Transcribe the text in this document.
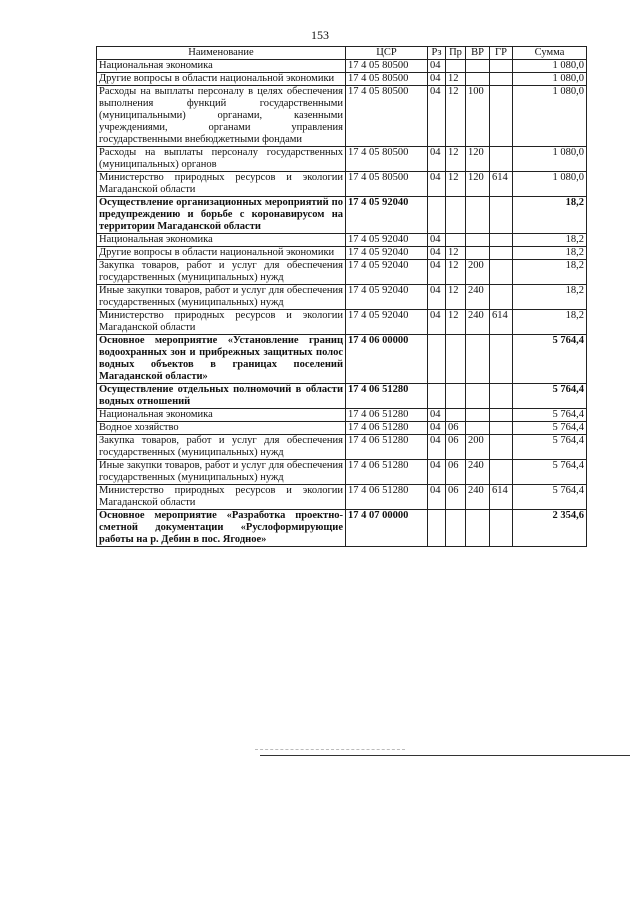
153
Наименование	ЦСР	Рз	Пр	ВР	ГР	Сумма
Национальная экономика	17 4 05 80500	04				1 080,0
Другие вопросы в области национальной экономики	17 4 05 80500	04	12			1 080,0
Расходы на выплаты персоналу в целях обеспечения выполнения функций государственными (муниципальными) органами, казенными учреждениями, органами управления государственными внебюджетными фондами	17 4 05 80500	04	12	100		1 080,0
Расходы на выплаты персоналу государственных (муниципальных) органов	17 4 05 80500	04	12	120		1 080,0
Министерство природных ресурсов и экологии Магаданской области	17 4 05 80500	04	12	120	614	1 080,0
Осуществление организационных мероприятий по предупреждению и борьбе с коронавирусом на территории Магаданской области	17 4 05 92040					18,2
Национальная экономика	17 4 05 92040	04				18,2
Другие вопросы в области национальной экономики	17 4 05 92040	04	12			18,2
Закупка товаров, работ и услуг для обеспечения государственных (муниципальных) нужд	17 4 05 92040	04	12	200		18,2
Иные закупки товаров, работ и услуг для обеспечения государственных (муниципальных) нужд	17 4 05 92040	04	12	240		18,2
Министерство природных ресурсов и экологии Магаданской области	17 4 05 92040	04	12	240	614	18,2
Основное мероприятие «Установление границ водоохранных зон и прибрежных защитных полос водных объектов в границах поселений Магаданской области»	17 4 06 00000					5 764,4
Осуществление отдельных полномочий в области водных отношений	17 4 06 51280					5 764,4
Национальная экономика	17 4 06 51280	04				5 764,4
Водное хозяйство	17 4 06 51280	04	06			5 764,4
Закупка товаров, работ и услуг для обеспечения государственных (муниципальных) нужд	17 4 06 51280	04	06	200		5 764,4
Иные закупки товаров, работ и услуг для обеспечения государственных (муниципальных) нужд	17 4 06 51280	04	06	240		5 764,4
Министерство природных ресурсов и экологии Магаданской области	17 4 06 51280	04	06	240	614	5 764,4
Основное мероприятие «Разработка проектно-сметной документации «Руслоформирующие работы на р. Дебин в пос. Ягодное»	17 4 07 00000					2 354,6
